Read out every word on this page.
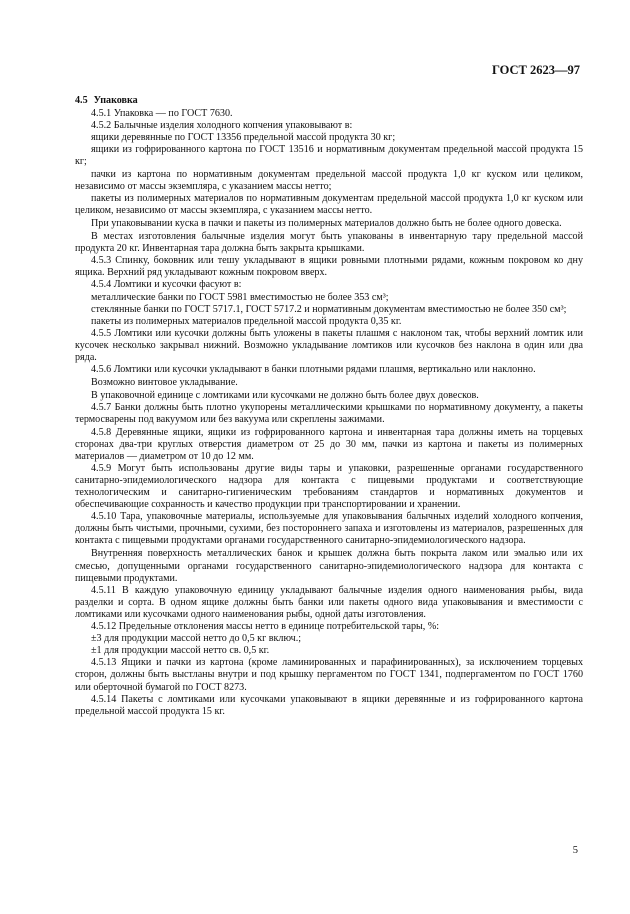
ГОСТ 2623—97

4.5 Упаковка

4.5.1 Упаковка — по ГОСТ 7630.

4.5.2 Балычные изделия холодного копчения упаковывают в:

ящики деревянные по ГОСТ 13356 предельной массой продукта 30 кг;

ящики из гофрированного картона по ГОСТ 13516 и нормативным документам предельной массой продукта 15 кг;

пачки из картона по нормативным документам предельной массой продукта 1,0 кг куском или целиком, независимо от массы экземпляра, с указанием массы нетто;

пакеты из полимерных материалов по нормативным документам предельной массой продукта 1,0 кг куском или целиком, независимо от массы экземпляра, с указанием массы нетто.

При упаковывании куска в пачки и пакеты из полимерных материалов должно быть не более одного довеска.

В местах изготовления балычные изделия могут быть упакованы в инвентарную тару предельной массой продукта 20 кг. Инвентарная тара должна быть закрыта крышками.

4.5.3 Спинку, боковник или тешу укладывают в ящики ровными плотными рядами, кожным покровом ко дну ящика. Верхний ряд укладывают кожным покровом вверх.

4.5.4 Ломтики и кусочки фасуют в:

металлические банки по ГОСТ 5981 вместимостью не более 353 см³;

стеклянные банки по ГОСТ 5717.1, ГОСТ 5717.2 и нормативным документам вместимостью не более 350 см³;

пакеты из полимерных материалов предельной массой продукта 0,35 кг.

4.5.5 Ломтики или кусочки должны быть уложены в пакеты плашмя с наклоном так, чтобы верхний ломтик или кусочек несколько закрывал нижний. Возможно укладывание ломтиков или кусочков без наклона в один или два ряда.

4.5.6 Ломтики или кусочки укладывают в банки плотными рядами плашмя, вертикально или наклонно.

Возможно винтовое укладывание.

В упаковочной единице с ломтиками или кусочками не должно быть более двух довесков.

4.5.7 Банки должны быть плотно укупорены металлическими крышками по нормативному документу, а пакеты термосварены под вакуумом или без вакуума или скреплены зажимами.

4.5.8 Деревянные ящики, ящики из гофрированного картона и инвентарная тара должны иметь на торцевых сторонах два-три круглых отверстия диаметром от 25 до 30 мм, пачки из картона и пакеты из полимерных материалов — диаметром от 10 до 12 мм.

4.5.9 Могут быть использованы другие виды тары и упаковки, разрешенные органами государственного санитарно-эпидемиологического надзора для контакта с пищевыми продуктами и соответствующие технологическим и санитарно-гигиеническим требованиям стандартов и нормативных документов и обеспечивающие сохранность и качество продукции при транспортировании и хранении.

4.5.10 Тара, упаковочные материалы, используемые для упаковывания балычных изделий холодного копчения, должны быть чистыми, прочными, сухими, без постороннего запаха и изготовлены из материалов, разрешенных для контакта с пищевыми продуктами органами государственного санитарно-эпидемиологического надзора.

Внутренняя поверхность металлических банок и крышек должна быть покрыта лаком или эмалью или их смесью, допущенными органами государственного санитарно-эпидемиологического надзора для контакта с пищевыми продуктами.

4.5.11 В каждую упаковочную единицу укладывают балычные изделия одного наименования рыбы, вида разделки и сорта. В одном ящике должны быть банки или пакеты одного вида упаковывания и вместимости с ломтиками или кусочками одного наименования рыбы, одной даты изготовления.

4.5.12 Предельные отклонения массы нетто в единице потребительской тары, %:

±3 для продукции массой нетто до 0,5 кг включ.;

±1 для продукции массой нетто св. 0,5 кг.

4.5.13 Ящики и пачки из картона (кроме ламинированных и парафинированных), за исключением торцевых сторон, должны быть выстланы внутри и под крышку пергаментом по ГОСТ 1341, подпергаментом по ГОСТ 1760 или оберточной бумагой по ГОСТ 8273.

4.5.14 Пакеты с ломтиками или кусочками упаковывают в ящики деревянные и из гофрированного картона предельной массой продукта 15 кг.

5
